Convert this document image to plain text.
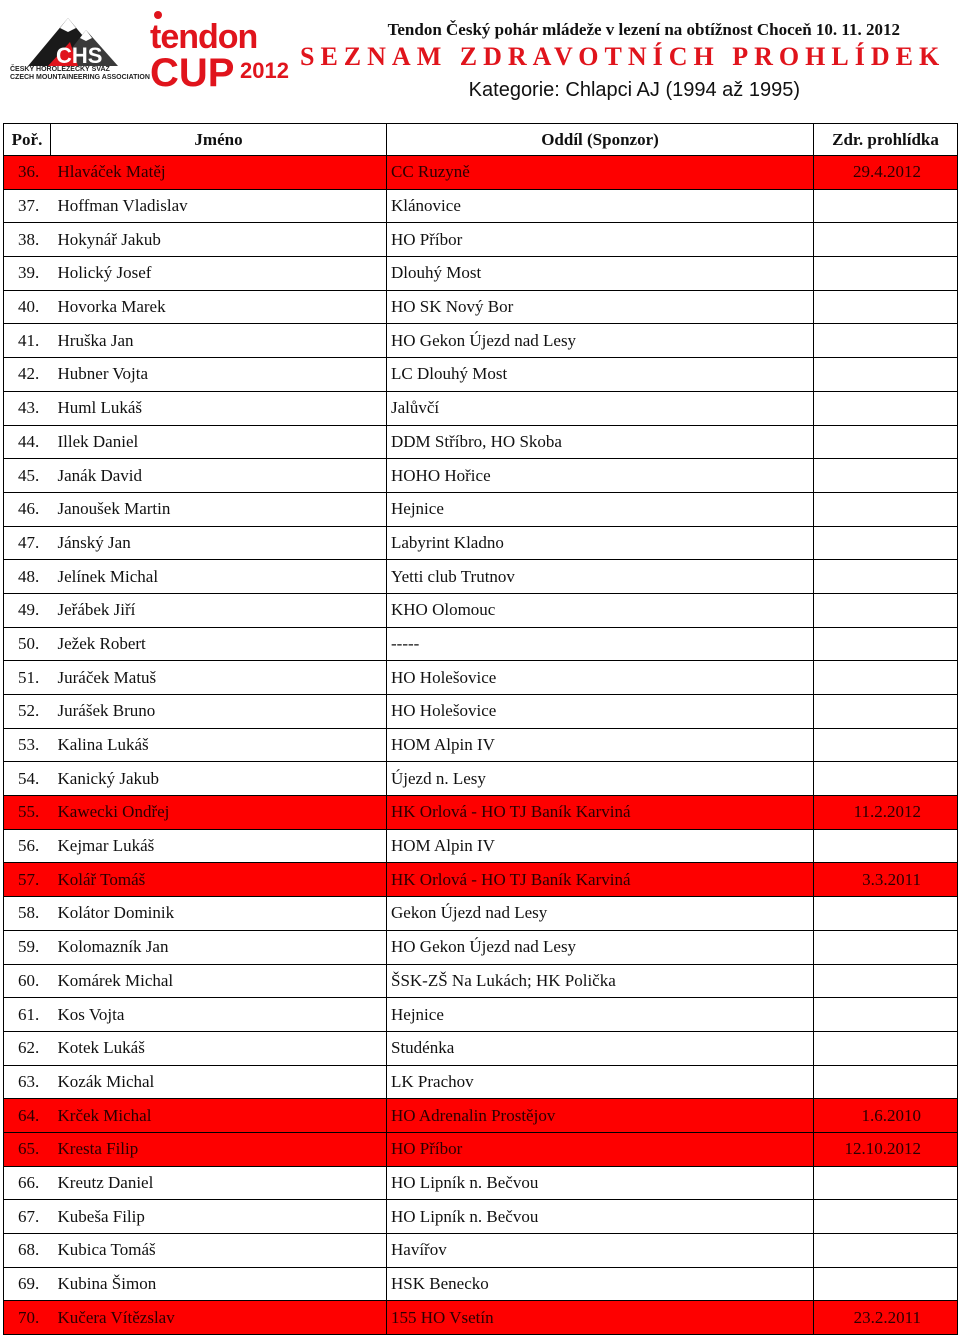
CHS
ČESKÝ HOROLEZECKÝ SVAZ
CZECH MOUNTAINEERING ASSOCIATION
tendon
CUP 2012
Tendon Český pohár mládeže v lezení na obtížnost Choceň 10. 11. 2012
SEZNAM ZDRAVOTNÍCH PROHLÍDEK
Kategorie: Chlapci AJ (1994 až 1995)
Poř.	Jméno	Oddíl (Sponzor)	Zdr. prohlídka
36.	Hlaváček Matěj	CC Ruzyně	29.4.2012
37.	Hoffman Vladislav	Klánovice	
38.	Hokynář Jakub	HO Příbor	
39.	Holický Josef	Dlouhý Most	
40.	Hovorka Marek	HO SK Nový Bor	
41.	Hruška Jan	HO Gekon Újezd nad Lesy	
42.	Hubner Vojta	LC Dlouhý Most	
43.	Huml Lukáš	Jalůvčí	
44.	Illek Daniel	DDM Stříbro, HO Skoba	
45.	Janák David	HOHO Hořice	
46.	Janoušek Martin	Hejnice	
47.	Jánský Jan	Labyrint Kladno	
48.	Jelínek Michal	Yetti club Trutnov	
49.	Jeřábek Jiří	KHO Olomouc	
50.	Ježek Robert	-----	
51.	Juráček Matuš	HO Holešovice	
52.	Jurášek Bruno	HO Holešovice	
53.	Kalina Lukáš	HOM Alpin IV	
54.	Kanický Jakub	Újezd n. Lesy	
55.	Kawecki Ondřej	HK Orlová - HO TJ Baník Karviná	11.2.2012
56.	Kejmar Lukáš	HOM Alpin IV	
57.	Kolář Tomáš	HK Orlová - HO TJ Baník Karviná	3.3.2011
58.	Kolátor Dominik	Gekon Újezd nad Lesy	
59.	Kolomazník Jan	HO Gekon Újezd nad Lesy	
60.	Komárek Michal	ŠSK-ZŠ Na Lukách; HK Polička	
61.	Kos Vojta	Hejnice	
62.	Kotek Lukáš	Studénka	
63.	Kozák Michal	LK Prachov	
64.	Krček Michal	HO Adrenalin Prostějov	1.6.2010
65.	Kresta Filip	HO Příbor	12.10.2012
66.	Kreutz Daniel	HO Lipník n. Bečvou	
67.	Kubeša Filip	HO Lipník n. Bečvou	
68.	Kubica Tomáš	Havířov	
69.	Kubina Šimon	HSK Benecko	
70.	Kučera Vítězslav	155 HO Vsetín	23.2.2011
